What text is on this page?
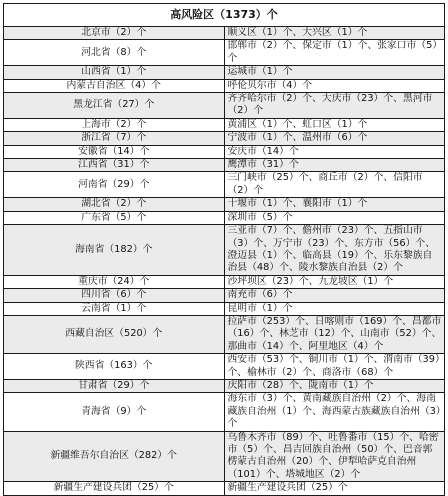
高风险区（1373）个	
北京市（2）个	顺义区（1）个、大兴区（1）个
河北省（8）个	邯郸市（2）个、保定市（1）个、张家口市（5）个
山西省（1）个	运城市（1）个
内蒙古自治区（4）个	呼伦贝尔市（4）个
黑龙江省（27）个	齐齐哈尔市（2）个、大庆市（23）个、黑河市（2）个
上海市（2）个	黄浦区（1）个、虹口区（1）个
浙江省（7）个	宁波市（1）个、温州市（6）个
安徽省（14）个	安庆市（14）个
江西省（31）个	鹰潭市（31）个
河南省（29）个	三门峡市（25）个、商丘市（2）个、信阳市（2）个
湖北省（2）个	十堰市（1）个、襄阳市（1）个
广东省（5）个	深圳市（5）个
海南省（182）个	三亚市（7）个、儋州市（23）个、五指山市（3）个、万宁市（23）个、东方市（56）个、澄迈县（1）个、临高县（19）个、乐东黎族自治县（48）个、陵水黎族自治县（2）个
重庆市（24）个	沙坪坝区（23）个、九龙坡区（1）个
四川省（6）个	南充市（6）个
云南省（1）个	昆明市（1）个
西藏自治区（520）个	拉萨市（253）个、日喀则市（169）个、昌都市（16）个、林芝市（12）个、山南市（52）个、那曲市（14）个、阿里地区（4）个
陕西省（163）个	西安市（53）个、铜川市（1）个、渭南市（39）个、榆林市（2）个、商洛市（68）个
甘肃省（29）个	庆阳市（28）个、陇南市（1）个
青海省（9）个	海东市（3）个、黄南藏族自治州（2）个、海南藏族自治州（1）个、海西蒙古族藏族自治州（3）个
新疆维吾尔自治区（282）个	乌鲁木齐市（89）个、吐鲁番市（15）个、哈密市（5）个、昌吉回族自治州（50）个、巴音郭楞蒙古自治州（20）个、伊犁哈萨克自治州（101）个、塔城地区（2）个
新疆生产建设兵团（25）个	新疆生产建设兵团（25）个
